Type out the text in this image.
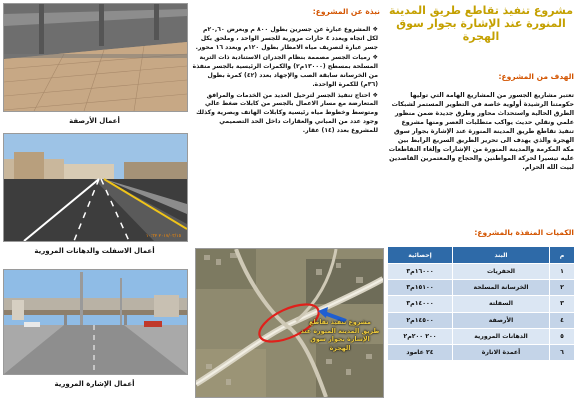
أعمال الأرصفة
٢٠١٧/٠٣/١٥ ١٠:٣٢
أعمال الاسفلت والدهانات المرورية
أعمال الإشارة المرورية
نبذة عن المشروع:
❖ المشروع عبارة عن جسرين بطول ٨٠٠ م وبعرض ٢٠,٦٠م لكل اتجاه ويعدد ٤ حارات مرورية للجسر الواحد ، وملحق بكل جسر عبارة لتصريف مياه الامطار بطول ١٢٠م وبعدد ١٦ محور.
❖ رميات الجسر مصممة بنظام الجدران الاستنادية ذات التربة المسلحة بمسطح (١٣٠٠٠م٢) والكمرات الرئيسية بالجسر منفذة من الخرسانة سابقة الصب والإجهاد بعدد (٤٢) كمرة بطول (٣٦م) للكمرة الواحدة.
❖ احتاج تنفيذ الجسر لترحيل العديد من الخدمات والمرافق المتعارضة مع مسار الاعمال بالجسر من كابلات ضغط عالي ومتوسط وخطوط مياه رئيسية وكابلات الهاتف وبصرية وكذلك وجود عدد من المباني والعقارات داخل الحد التصميمي للمشروع بعدد (١٤) عقار.
مشروع تنفيذ تقاطع طريق المدينة المنورة عند الإشارة بجوار سوق الهجرة
مشروع تنفيذ تقاطع طريق المدينة المنورة عند الإشارة بجوار سوق الهجرة
الهدف من المشروع:
تعتبر مشاريع الجسور من المشاريع الهامة التي توليها حكومتنا الرشيدة أولوية خاصة في التطوير المستمر لشبكات الطرق الحالية واستحداث محاور وطرق جديدة ضمن منظور علمي ونقلي حديث يواكب متطلبات العصر ومنها مشروع تنفيذ تقاطع طريق المدينة المنورة عند الإشارة بجوار سوق الهجرة والذي يهدف الى تحرير الطريق السريع الرابط بين مكة المكرمة والمدينة المنورة من الإشارات وإلغاء التقاطعات عليه تيسيرا لحركة المواطنين والحجاج والمعتمرين القاصدين لبيت الله الحرام.
الكميات المنفذة بالمشروع:
م	البند	إحصائية
١	الحفريات	١٦٠٠٠م٣
٢	الخرسانة المسلحة	١٥١٠٠م٣
٣	السفلتة	١٤٠٠٠م٣
٤	الأرصفة	١٤٥٠٠م٢
٥	الدهانات المرورية	٢٠٠ ٢٠٠م٢
٦	أعمدة الانارة	٢٤ عامود
